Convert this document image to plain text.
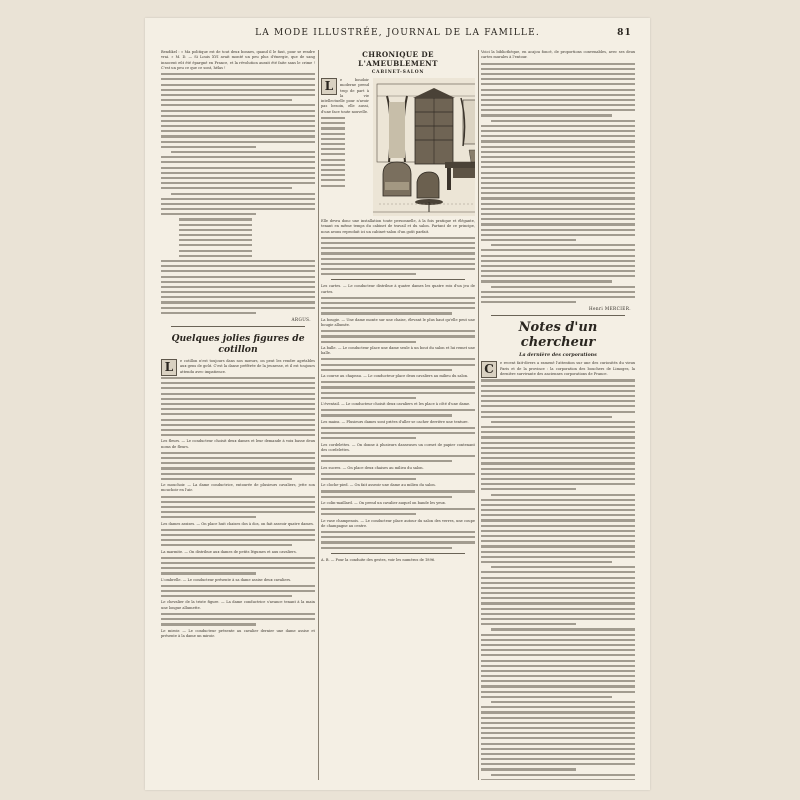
LA MODE ILLUSTRÉE, JOURNAL DE LA FAMILLE.	81

Bendikel : « Ma politique est de tout deux bonnes, quand il le faut, pour se rendre vrai. » M. D. — Si Louis XVI avait monté un peu plus d'énergie, que de sang innocent eût été épargné en France, et la révolution aurait été faite sans le crime ! C'est un peu ce que ce sont, hélas !

ARGUS.
Quelques jolies figures de cotillon
L	e cotillon n'est toujours dans nos mœurs, on peut les rendre agréables aux gens de goût. C'est la danse préférée de la jeunesse, et il est toujours attendu avec impatience.

Les fleurs. — Le conducteur choisit deux dames et leur demande à voix basse deux noms de fleurs.

Le mouchoir. — La dame conductrice, entourée de plusieurs cavaliers, jette son mouchoir en l'air.

Les dames assises. — On place huit chaises dos à dos, on fait asseoir quatre dames.

La marmite. — On distribue aux dames de petits légumes et aux cavaliers.

L'ombrelle. — Le conducteur présente à sa dame assise deux cavaliers.

Le chevalier de la triste figure. — La dame conductrice s'avance tenant à la main une longue allumette.

Le miroir. — Le conducteur présente au cavalier dernier une dame assise et présente à la dame un miroir.

CHRONIQUE DE L'AMEUBLEMENT
CABINET-SALON
L	e boudoir moderne prend trop de part à la vie intellectuelle pour n'avoir pas besoin, elle aussi, d'une face toute nouvelle.

Elle devra donc une installation toute personnelle, à la fois pratique et élégante, tenant en même temps du cabinet de travail et du salon. Partant de ce principe, nous avons reproduit ici un cabinet-salon d'un goût parfait.

Les cartes. — Le conducteur distribue à quatre dames les quatre rois d'un jeu de cartes.

La bougie. — Une dame monte sur une chaise, élevant le plus haut qu'elle peut une bougie allumée.

La balle. — Le conducteur place une dame seule à un bout du salon et lui remet une balle.

La course au chapeau. — Le conducteur place deux cavaliers au milieu du salon.

L'éventail. — Le conducteur choisit deux cavaliers et les place à côté d'une dame.

Les mains. — Plusieurs dames sont priées d'aller se cacher derrière une tenture.

Les cordelettes. — On donne à plusieurs danseuses un cornet de papier contenant des cordelettes.

Les sucres. — On place deux chaises au milieu du salon.

Le cloche-pied. — On fait asseoir une dame au milieu du salon.

Le colin-maillard. — On prend un cavalier auquel on bande les yeux.

Le vase champenois. — Le conducteur place autour du salon des verres, une coupe de champagne au centre.

A. B. — Pour la conduite des gestes, voir les numéros de 1896.

Voici la bibliothèque, en acajou foncé, de proportions convenables, avec ses deux cartes murales à l'entour.

Henri MERCIER.
Notes d'un chercheur
La dernière des corporations
C	e recent fait-divers a ramené l'attention sur une des curiosités du vieux Paris et de la province : la corporation des bouchers de Limoges, la dernière survivante des anciennes corporations de France.
